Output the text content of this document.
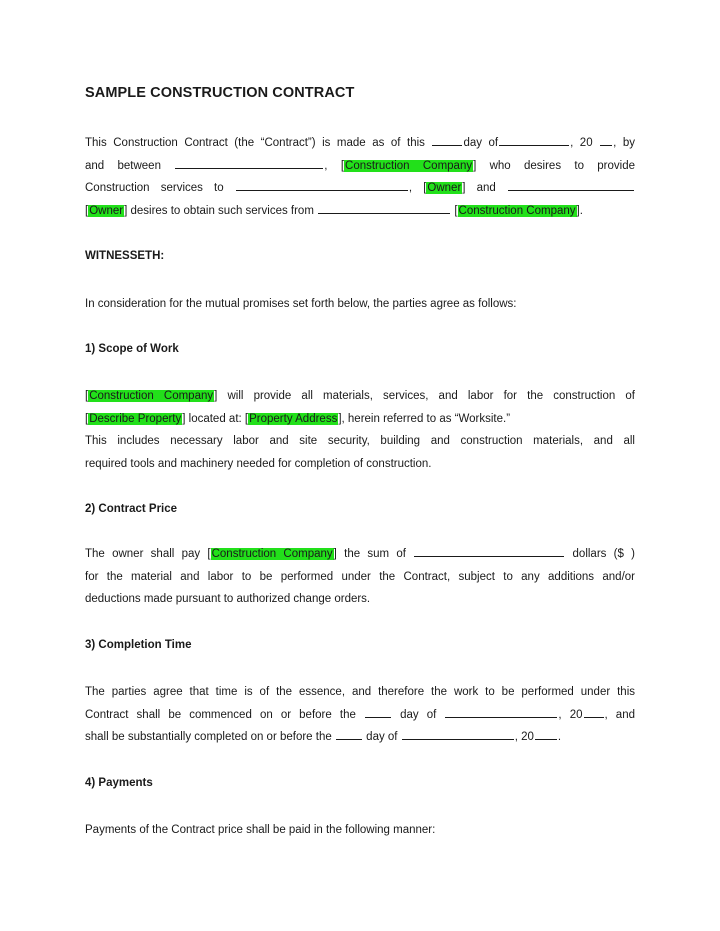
SAMPLE CONSTRUCTION CONTRACT
This Construction Contract (the “Contract”) is made as of this	day of	, 20 , by
and between	, [Construction Company] who desires to provide
Construction services to	, [Owner] and
[Owner] desires to obtain such services from	[Construction Company].
WITNESSETH:
In consideration for the mutual promises set forth below, the parties agree as follows:
1) Scope of Work
[Construction Company] will provide all materials, services, and labor for the construction of
[Describe Property] located at: [Property Address], herein referred to as “Worksite.”
This includes necessary labor and site security, building and construction materials, and all
required tools and machinery needed for completion of construction.
2) Contract Price
The owner shall pay [Construction Company] the sum of	dollars ($ )
for the material and labor to be performed under the Contract, subject to any additions and/or
deductions made pursuant to authorized change orders.
3) Completion Time
The parties agree that time is of the essence, and therefore the work to be performed under this
Contract shall be commenced on or before the	day of	, 20 , and
shall be substantially completed on or before the	day of	, 20 .
4) Payments
Payments of the Contract price shall be paid in the following manner:
